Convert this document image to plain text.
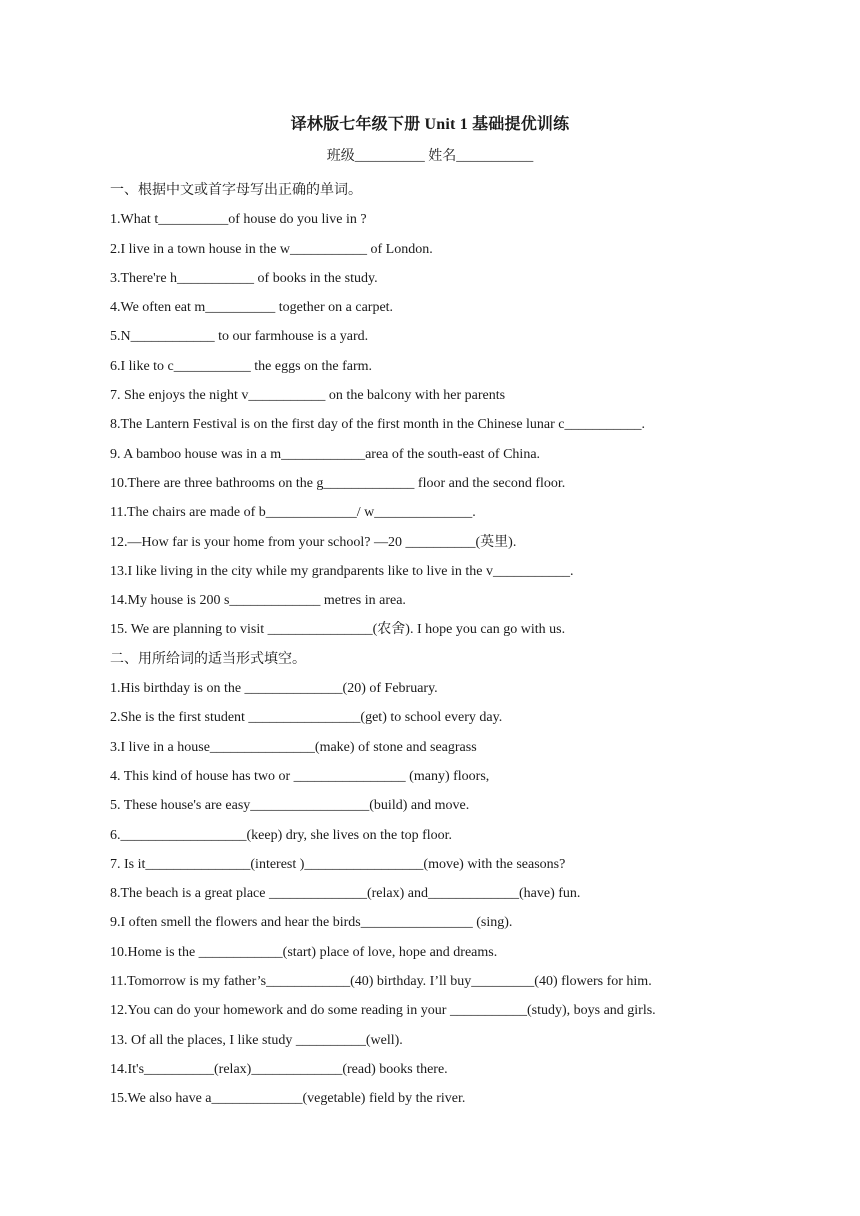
译林版七年级下册 Unit 1 基础提优训练
班级__________ 姓名___________
一、根据中文或首字母写出正确的单词。
1.What t__________of house do you live in ?
2.I live in a town house in the w___________ of London.
3.There're h___________ of books in the study.
4.We often eat m__________ together on a carpet.
5.N____________ to our farmhouse is a yard.
6.I like to c___________ the eggs on the farm.
7. She enjoys the night v___________ on the balcony with her parents
8.The Lantern Festival is on the first day of the first month in the Chinese lunar c___________.
9. A bamboo house was in a m____________area of the south-east of China.
10.There are three bathrooms on the g_____________ floor and the second floor.
11.The chairs are made of b_____________/ w______________.
12.—How far is your home from your school? —20 __________(英里).
13.I like living in the city while my grandparents like to live in the v___________.
14.My house is 200 s_____________ metres in area.
15. We are planning to visit _______________(农舍). I hope you can go with us.
二、用所给词的适当形式填空。
1.His birthday is on the ______________(20) of February.
2.She is the first student ________________(get) to school every day.
3.I live in a house_______________(make) of stone and seagrass
4. This kind of house has two or ________________ (many) floors,
5. These house's are easy_________________(build) and move.
6.__________________(keep) dry, she lives on the top floor.
7. Is it_______________(interest )_________________(move) with the seasons?
8.The beach is a great place ______________(relax) and_____________(have) fun.
9.I often smell the flowers and hear the birds________________ (sing).
10.Home is the ____________(start) place of love, hope and dreams.
11.Tomorrow is my father’s____________(40) birthday. I’ll buy_________(40) flowers for him.
12.You can do your homework and do some reading in your ___________(study), boys and girls.
13. Of all the places, I like study __________(well).
14.It's__________(relax)_____________(read) books there.
15.We also have a_____________(vegetable) field by the river.
